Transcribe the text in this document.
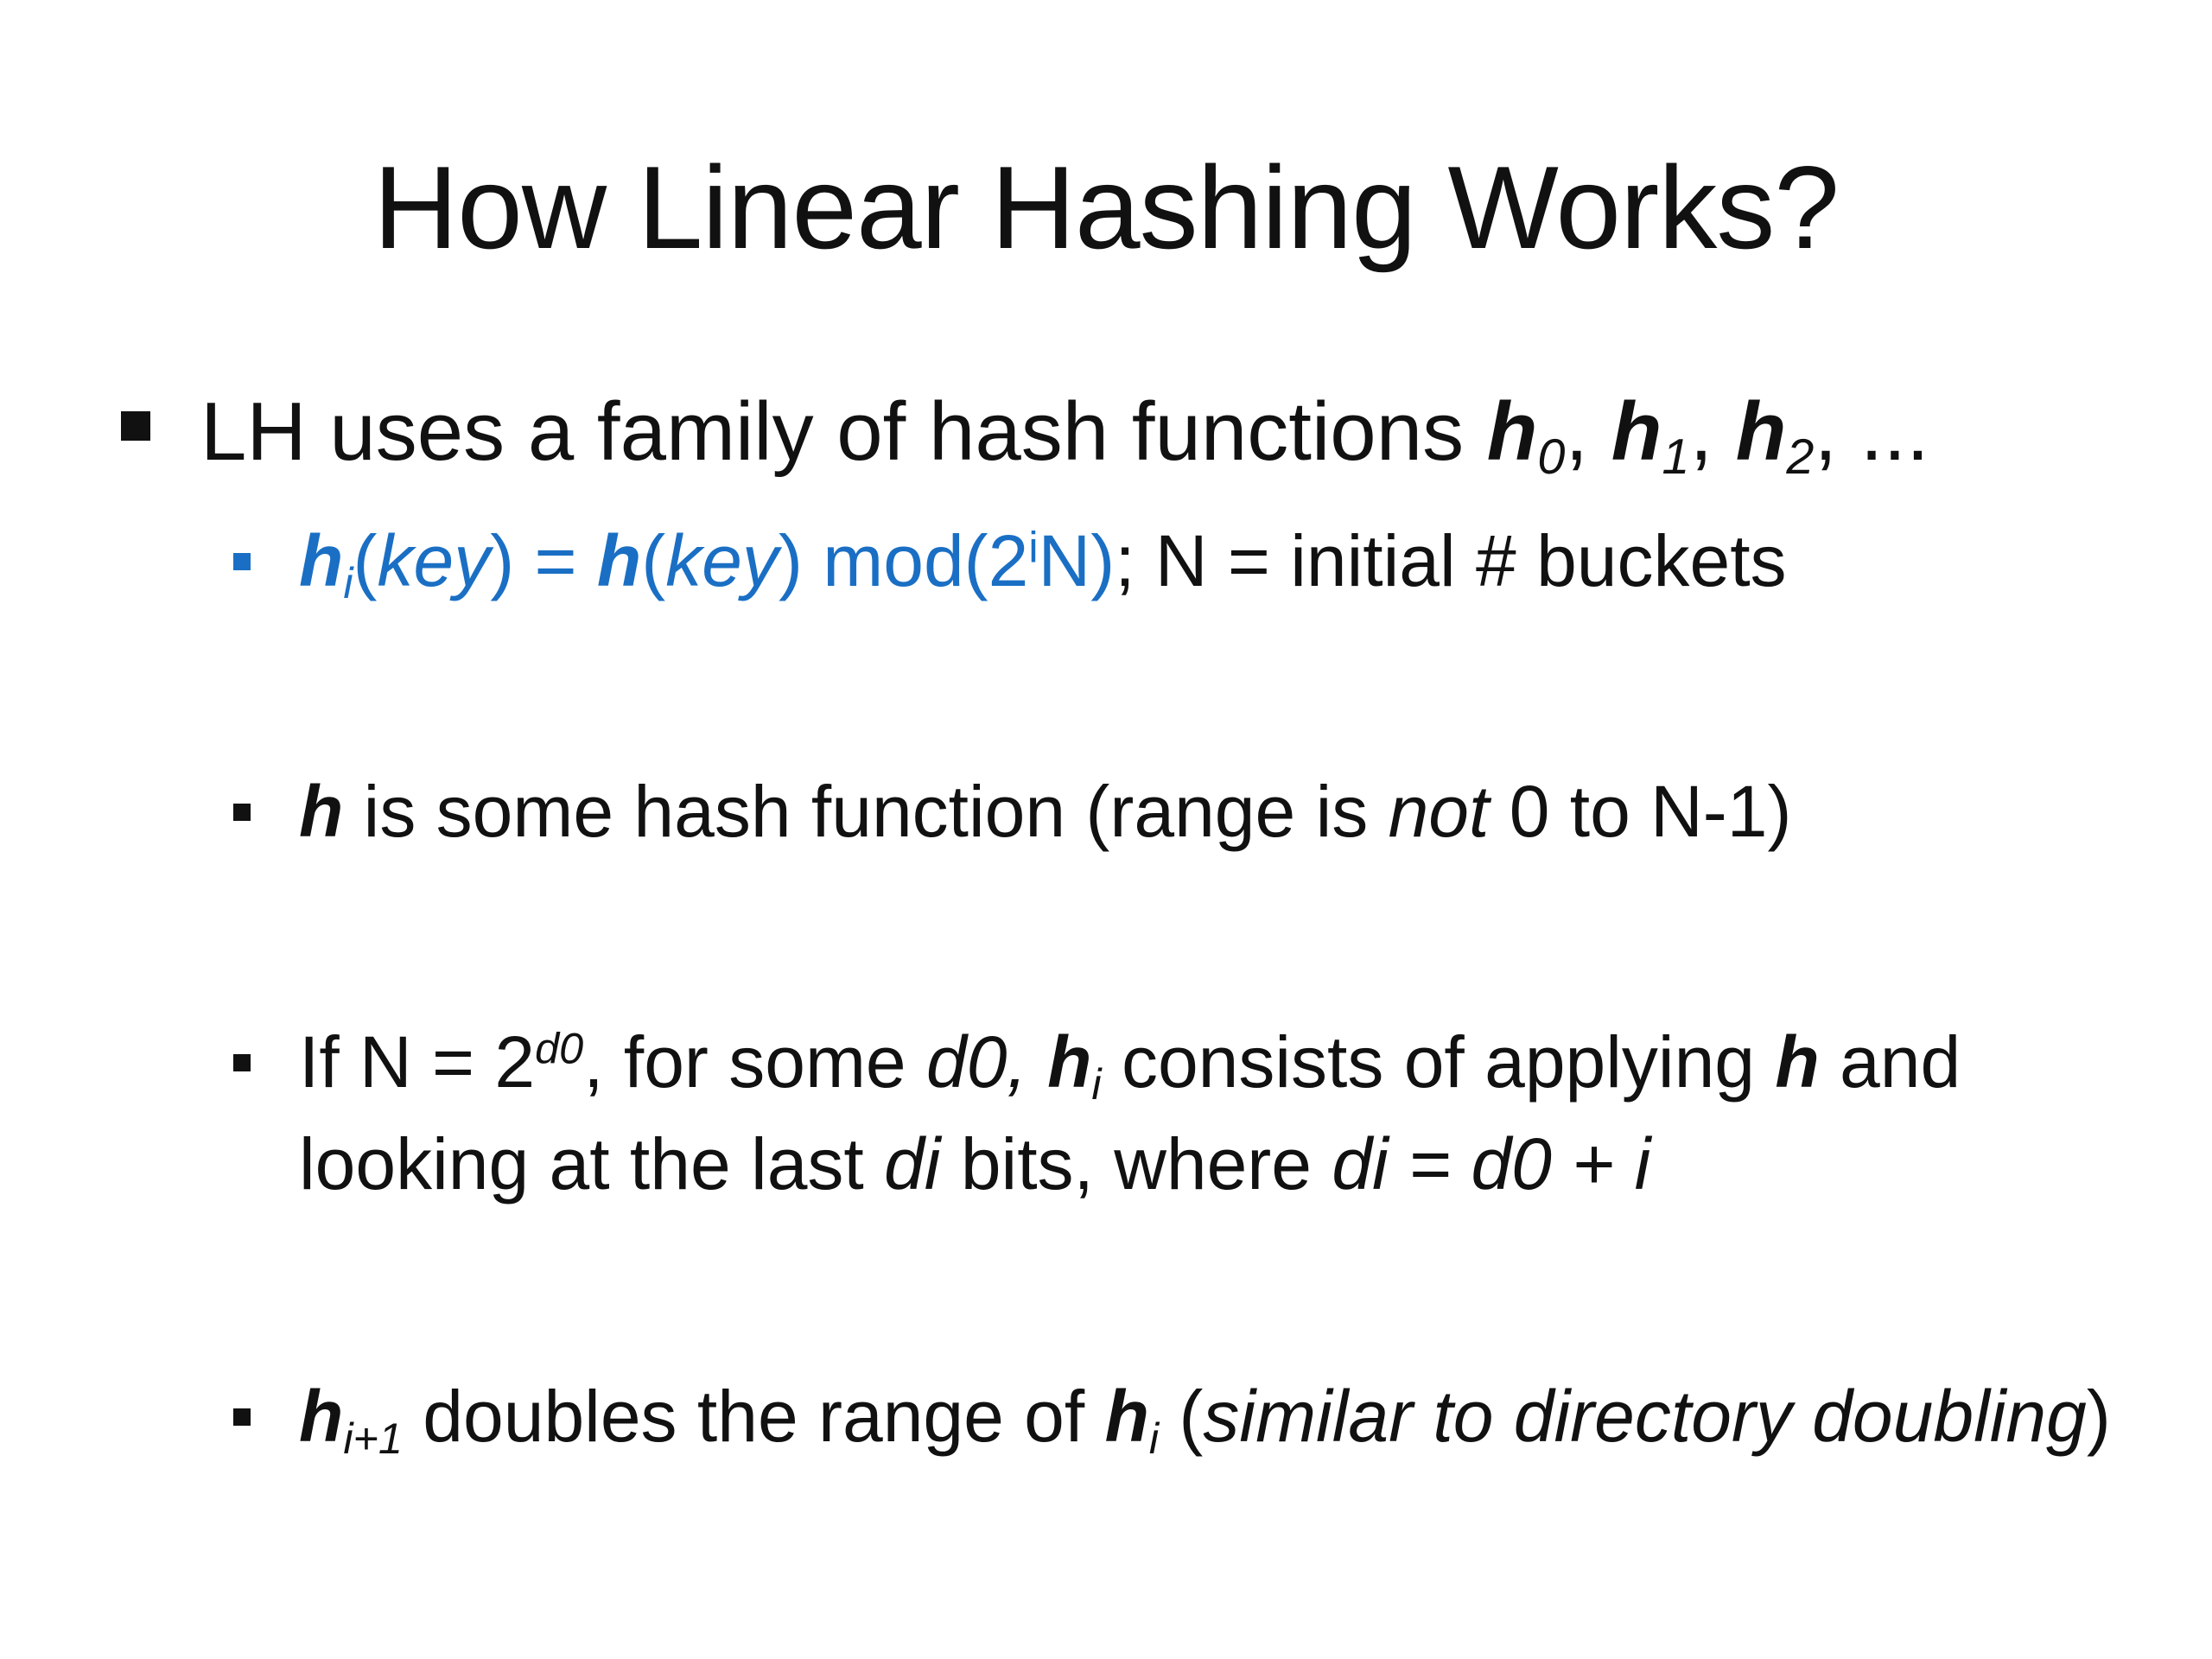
How Linear Hashing Works?
LH uses a family of hash functions $h_0$, $h_1$, $h_2$, ...
$h_i(key) = h(key)$ mod(2$^i$N); N = initial # buckets
h is some hash function (range is not 0 to N-1)
If $N = 2^{d0}$, for some d0, $h_i$ consists of applying h and looking at the last di bits, where di = d0 + i
$h_{i+1}$ doubles the range of $h_i$ (similar to directory doubling)
